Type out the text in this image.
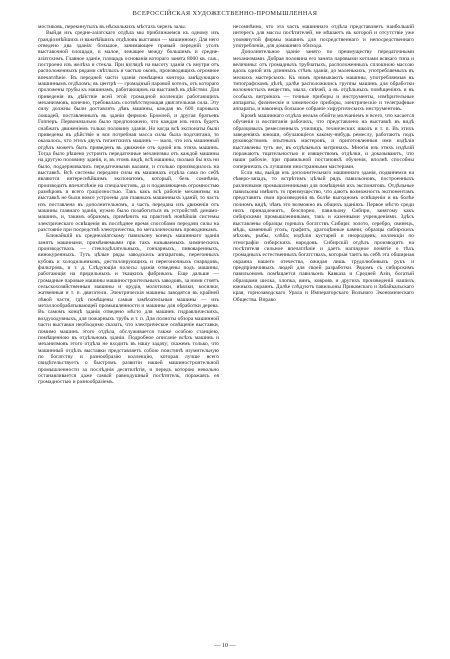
ВСЕРОССІЙСКАЯ ХУДОЖЕСТВЕННО-ПРОМЫШЛЕННАЯ

мостиковъ, перекинутыхъ въ нѣсколькихъ мѣстахъ черезъ залы.

Выйдя изъ средне-азіатскаго отдѣла мы приближаемся къ одному изъ грандіознѣйшихъ и важнѣйшихъ отдѣловъ выставки — машинному. Для него отведено два зданія: большое, занимающее правый передній уголъ выставочной площади, и малое, лежащее между большимъ и средне-азіатскимъ. Главное зданіе, площадь основанія котораго занята 8000 кв. саж., построено изъ желѣза и стекла. При взглядѣ на высоту зданія съ внутри отъ расположенныхъ рядами свѣтлыхъ и частью оконъ, производящихъ огромное впечатлѣніе. Въ передней части зданія помѣщена контора завѣдующаго машиннымъ отдѣломъ; въ центрѣ — громадный паровой котелъ, отъ котораго проложены трубы къ машинамъ, работающимъ на выставкѣ въ дѣйствіи. Для приведенія въ дѣйствіе всей этой громадной коллекціи работающихъ механизмовъ, конечно, требовалась соотвѣтствующая двигательная сила. Эту силу должны были доставлять дѣвъ машины, каждая въ 600 паровыхъ лошадей, поставленныхъ въ зданіи фирмою Бромлей, и другая братьевъ Гопперъ. Первоначально было предположено, что каждая изъ нихъ будетъ снабжать движеніемъ только половину зданія. Но когда всѣ экспонаты были приведены въ дѣйствіе и вся потребная масса силы была подсчитана, то оказалось, что этихъ двухъ гигантскихъ машинъ — мало, что ихъ машинный отдѣлъ можетъ быть приведенъ въ движеніе отъ одной изъ этихъ машинъ. Тогда было рѣшено устроить передаточные механизмы отъ каждой машины на другую половину зданія, и, въ этомъ видѣ, всѣ машины, сколько бы ихъ ни было, поддерживались передаточными валами, и столько производилось на выставкѣ. Всѣ системы передачи силы въ машинахъ отдѣла сама по себѣ являются интереснѣйшимъ экспонатомъ, который, безъ сомнѣнія, производитъ впечатлѣніе на спеціалистовъ, да и подавляющемъ огромностью размѣровъ и всего граціозностью. Такъ какъ всѣ рабочіе механизмы на выставкѣ не были вовсе устроены для главныхъ машинныхъ зданій, то часть изъ поставлена въ дополнительномъ, а часть передана изъ движенія отъ машины главнаго зданія, нужно было позаботиться въ устройствѣ динамо-машинъ, и, такимъ образомъ, примѣнить на практикѣ новѣйшія системы электрическаго освѣщенія въ послѣднее время способами передачи силы на разстояніе при посредствѣ электричества, по металлическимъ проводникамъ.

Ближайшій къ среднеазіатскому павильону конецъ машиннаго зданія занятъ машинами, примѣняемыми при такъ называемыхъ химическихъ производствахъ — стеклодѣлательныхъ, гончарныхъ, пивоваренныхъ, винокуренныхъ. Тутъ цѣлые ряды заводскихъ аппаратовъ, перегонныхъ кубовъ и холодильниковъ, дистиллирующихъ и перегоночныхъ снарядовъ, фильтровъ, и т. д. Слѣдующія полосы зданія отведены подъ машины, работающія на прядильныхъ и ткацкихъ фабрикахъ. Еще дальше — громадные паровые машины машиностроительныхъ заводовъ, за ними стоятъ сельскохозяйственныя машины и орудія, молотилки, вѣялки, косилки, жатвенныя и т. п. двигатели. Электрическія машины заводятся въ крайней лѣвой части, гдѣ помѣщены самыя замѣчательныя машины — изъ металлообрабатывающей промышленности и машины для обработки дерева. Въ самомъ концѣ зданія отведено мѣсто для машинъ гидравлическихъ, воздуходувныхъ, для пожарныхъ трубъ и т. п. Для полноты обзора машинной части выставки необходимо сказать, что электрическое освѣщеніе выставки, помимо машинъ этого отдѣла, обслуживается также особою станціею, помѣщенною въ отдѣльномъ зданіи. Подробное описаніе всѣхъ машинъ и механизмовъ этого отдѣла не входитъ въ нашу задачу; скажемъ только, что машинный отдѣлъ выставки представляетъ собою поистинѣ изумительную по богатству и разнообразію коллекцію, которая лучше всего свидѣтельствуетъ о быстромъ развитіи нашей машиностроительной промышленности за послѣднія десятилѣтія, и передъ которою невольно останавливается даже самый равнодушный посѣтитель, поражаясь ея громадностью и разнообразіемъ.

несомнѣнно, что эта часть машиннаго отдѣла представляетъ наибольшій интересъ для массы посѣтителей, не мѣшаетъ въ которой и отсутствіе уже упомянутой фирмы машинъ для посредственнаго и непосредственнаго употребленія, для домашняго обихода.

Дополнительное зданіе занято по преимуществу передаточными механизмами. Добрая половина его занята паровыми котлами всякаго типа и величины: отъ громадныхъ трубчатыхъ, расположенныхъ сплошною массою вдоль одной изъ длинныхъ стѣнъ зданія, до маленькихъ, употребляемыхъ въ мелкихъ мастерскихъ. Къ нимъ примыкаютъ машины, употребляемыя въ типографскомъ дѣлѣ, далѣе расположились группы машинъ для обработки волокнистыхъ веществъ, мыла, свѣчей, а въ отдѣльныхъ помѣщеніяхъ и въ особыхъ витринахъ — точные приборы и инструменты, измѣрительные аппараты, физическіе и химическіе приборы, электрическіе и телеграфные аппараты, и наконецъ большое собраніе хирургическихъ инструментовъ.

Кромѣ машиннаго отдѣла нельзя обойти молчаніемъ и всего, что касается обученія и воспитанія рабочихъ, что представлено на выставкѣ въ видѣ образцовыхъ ремесленныхъ училищъ, технических школъ и т. п. Въ этихъ заведеніяхъ юноши, обучающіеся какому-нибудь ремеслу, работаютъ подъ руководствомъ опытныхъ мастеровъ, и приготовленныя ими издѣлія выставлены тутъ же, въ отдѣльныхъ витринахъ. Многія изъ этихъ издѣлій поражаютъ тщательностью и изяществомъ отдѣлки, и доказываютъ, что наши рабочіе, при правильной постановкѣ обученія, вполнѣ способны соперничать съ лучшими иностранными мастерами.

Если мы, выйдя изъ дополнительнаго машиннаго зданія, подвинемся на сѣверо-западъ, то встрѣтимъ цѣлый рядъ павильоновъ, построенныхъ различными промышленниками для помѣщенія ихъ экспонатовъ. Отдѣльные павильоны имѣютъ то преимущество, что даютъ возможность экспонентамъ представить свои произведенія въ болѣе выгодномъ освѣщеніи и въ болѣе полномъ видѣ, чѣмъ это возможно въ общихъ зданіяхъ. Первое мѣсто среди нихъ принадлежитъ, безспорно, павильону Сибири, занятому какъ сибирскими промышленниками, такъ и казенными учрежденіями. Здѣсь выставлены образцы горныхъ богатствъ Сибири: золото, серебро, свинецъ, мѣдь, каменный уголь, графитъ, драгоцѣнные камни; образцы сибирскихъ мѣховъ, рыбы, хлѣба; издѣлія кустарей и инородцевъ; коллекціи по этнографіи сибирскихъ народовъ. Сибирскій отдѣлъ производитъ на посѣтителя сильное впечатлѣніе и даетъ наглядное понятіе о тѣхъ громадныхъ естественныхъ богатствахъ, которыя таитъ въ себѣ эта обширная окраина нашего отечества, ожидая лишь трудолюбивыхъ рукъ и предпріимчивыхъ людей для своей разработки. Рядомъ съ сибирскимъ павильономъ помѣщается павильонъ Кавказа и Средней Азіи, богатый образцами шелка, хлопка, винъ, ковровъ и другихъ произведеній нашихъ южныхъ окраинъ. Далѣе слѣдуютъ павильоны Прикамскаго и Забайкальскаго края, горнозаводскаго Урала и Императорскаго Вольнаго Экономическаго Общества. Вправо

— 10 —
